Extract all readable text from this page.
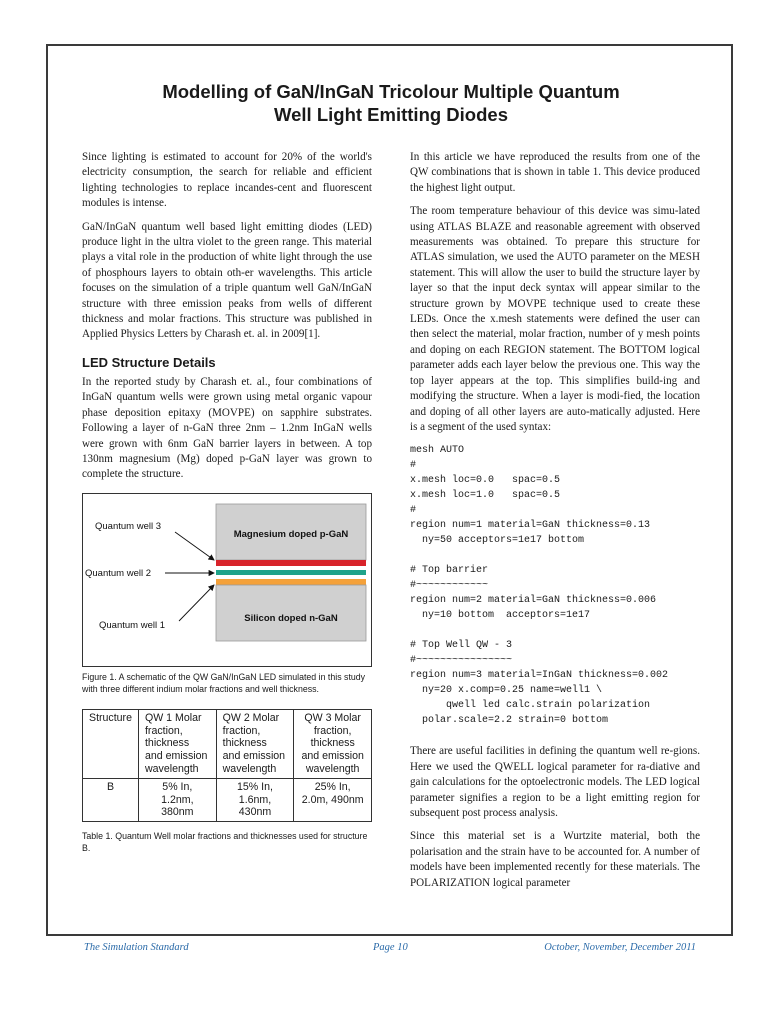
Modelling of GaN/InGaN Tricolour Multiple Quantum
Well Light Emitting Diodes

Since lighting is estimated to account for 20% of the world's electricity consumption, the search for reliable and efficient lighting technologies to replace incandes-cent and fluorescent modules is intense.

GaN/InGaN quantum well based light emitting diodes (LED) produce light in the ultra violet to the green range. This material plays a vital role in the production of white light through the use of phosphours layers to obtain oth-er wavelengths. This article focuses on the simulation of a triple quantum well GaN/InGaN structure with three emission peaks from wells of different thickness and molar fractions. This structure was published in Applied Physics Letters by Charash et. al. in 2009[1].

LED Structure Details

In the reported study by Charash et. al., four combinations of InGaN quantum wells were grown using metal organic vapour phase deposition epitaxy (MOVPE) on sapphire substrates. Following a layer of n-GaN three 2nm – 1.2nm InGaN wells were grown with 6nm GaN barrier layers in between. A top 130nm magnesium (Mg) doped p-GaN layer was grown to complete the structure.

Magnesium doped p-GaN
Silicon doped n-GaN
Quantum well 3
Quantum well 2
Quantum well 1

Figure 1. A schematic of the QW GaN/InGaN LED simulated in this study with three different indium molar fractions and well thickness.

Structure	QW 1 Molar fraction, thickness and emission wavelength	QW 2 Molar fraction, thickness and emission wavelength	QW 3 Molar fraction, thickness and emission wavelength
B	5% In, 1.2nm, 380nm	15% In, 1.6nm, 430nm	25% In, 2.0m, 490nm

Table 1. Quantum Well molar fractions and thicknesses used for structure B.

In this article we have reproduced the results from one of the QW combinations that is shown in table 1. This device produced the highest light output.

The room temperature behaviour of this device was simu-lated using ATLAS BLAZE and reasonable agreement with observed measurements was obtained. To prepare this structure for ATLAS simulation, we used the AUTO parameter on the MESH statement. This will allow the user to build the structure layer by layer so that the input deck syntax will appear similar to the structure grown by MOVPE technique used to create these LEDs. Once the x.mesh statements were defined the user can then select the material, molar fraction, number of y mesh points and doping on each REGION statement. The BOTTOM logical parameter adds each layer below the previous one. This way the top layer appears at the top. This simplifies build-ing and modifying the structure. When a layer is modi-fied, the location and doping of all other layers are auto-matically adjusted. Here is a segment of the used syntax:

mesh AUTO
#
x.mesh loc=0.0   spac=0.5
x.mesh loc=1.0   spac=0.5
#
region num=1 material=GaN thickness=0.13
ny=50 acceptors=1e17 bottom

# Top barrier
#~~~~~~~~~~~~
region num=2 material=GaN thickness=0.006
ny=10 bottom  acceptors=1e17

# Top Well QW - 3
#~~~~~~~~~~~~~~~~
region num=3 material=InGaN thickness=0.002
ny=20 x.comp=0.25 name=well1 \
qwell led calc.strain polarization
polar.scale=2.2 strain=0 bottom

There are useful facilities in defining the quantum well re-gions. Here we used the QWELL logical parameter for ra-diative and gain calculations for the optoelectronic models. The LED logical parameter signifies a region to be a light emitting region for subsequent post process analysis.

Since this material set is a Wurtzite material, both the polarisation and the strain have to be accounted for. A number of models have been implemented recently for these materials. The POLARIZATION logical parameter

The Simulation Standard	Page 10	October, November, December 2011
